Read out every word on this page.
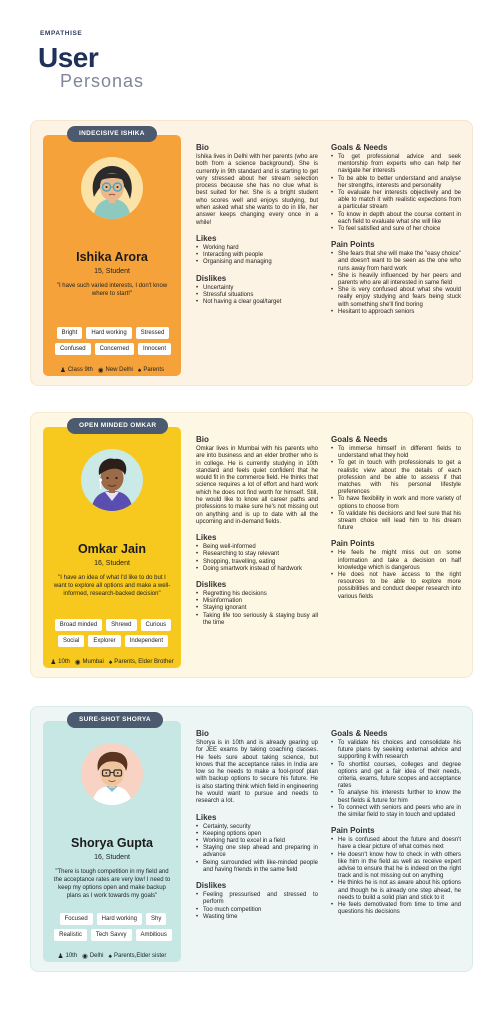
EMPATHISE
User
Personas
INDECISIVE ISHIKA
Ishika Arora
15, Student
"I have such varied interests, I don't know where to start!"
Bright	Hard working	Stressed
Confused	Concerned	Innocent
♟ Class 9th ◉ New Delhi ♠ Parents
Bio
Ishika lives in Delhi with her parents (who are both from a science background). She is currently in 9th standard and is starting to get very stressed about her stream selection process because she has no clue what is best suited for her. She is a bright student who scores well and enjoys studying, but when asked what she wants to do in life, her answer keeps changing every once in a while!
Likes
• Working hard
• Interacting with people
• Organising and managing
Dislikes
• Uncertainty
• Stressful situations
• Not having a clear goal/target
Goals & Needs
• To get professional advice and seek mentorship from experts who can help her navigate her interests
• To be able to better understand and analyse her strengths, interests and personality
• To evaluate her interests objectively and be able to match it with realistic expections from a particular stream
• To know in depth about the course content in each field to evaluate what she will like
• To feel satisfied and sure of her choice
Pain Points
• She fears that she will make the "easy choice" and doesn't want to be seen as the one who runs away from hard work
• She is heavily influenced by her peers and parents who are all interested in same field
• She is very confused about what she would really enjoy studying and fears being stuck with something she'll find boring
• Hesitant to approach seniors
OPEN MINDED OMKAR
Omkar Jain
16, Student
"I have an idea of what I'd like to do but I want to explore all options and make a well-informed, research-backed decision"
Broad minded	Shrewd	Curious
Social	Explorer	Independent
♟ 10th ◉ Mumbai ♠ Parents, Elder Brother
Bio
Omkar lives in Mumbai with his parents who are into business and an elder brother who is in college. He is currently studying in 10th standard and feels quiet confident that he would fit in the commerce field. He thinks that science requires a lot of effort and hard work which he does not find worth for himself. Still, he would like to know all career paths and professions to make sure he's not missing out on anything and is up to date with all the upcoming and in-demand fields.
Likes
• Being well-informed
• Researching to stay relevant
• Shopping, travelling, eating
• Doing smartwork instead of hardwork
Dislikes
• Regretting his decisions
• Misinformation
• Staying ignorant
• Taking life too seriously & staying busy all the time
Goals & Needs
• To immerse himself in different fields to understand what they hold
• To get in touch with professionals to get a realistic view about the details of each profession and be able to assess if that matches with his personal lifestyle preferences
• To have flexibility in work and more variety of options to choose from
• To validate his decisions and feel sure that his stream choice will lead him to his dream future
Pain Points
• He feels he might miss out on some information and take a decision on half knowledge which is dangerous
• He does not have access to the right resources to be able to explore more possibilities and conduct deeper research into various fields
SURE-SHOT SHORYA
Shorya Gupta
16, Student
"There is tough competition in my field and the acceptance rates are very low! I need to keep my options open and make backup plans as I work towards my goals"
Focused	Hard working	Shy
Realistic	Tech Savvy	Ambitious
♟ 10th ◉ Delhi ♠ Parents,Elder sister
Bio
Shorya is in 10th and is already gearing up for JEE exams by taking coaching classes. He feels sure about taking science, but knows that the acceptance rates in India are low so he needs to make a fool-proof plan with backup options to secure his future. He is also starting think which field in engineering he would want to pursue and needs to research a lot.
Likes
• Certainty, security
• Keeping options open
• Working hard to excel in a field
• Staying one step ahead and preparing in advance
• Being surrounded with like-minded people and having friends in the same field
Dislikes
• Feeling pressurised and stressed to perform
• Too much competition
• Wasting time
Goals & Needs
• To validate his choices and consolidate his future plans by seeking external advice and supporting it with research
• To shortlist courses, colleges and degree options and get a fair idea of their needs, criteria, exams, future scopes and acceptance rates
• To analyse his interests further to know the best fields & future for him
• To connect with seniors and peers who are in the similar field to stay in touch and updated
Pain Points
• He is confused about the future and doesn't have a clear picture of what comes next
• He doesn't know how to check in with others like him in the field as well as receive expert advise to ensure that he is indeed on the right track and is not missing out on anything
• He thinks he is not as aware about his options and though he is already one step ahead, he needs to build a solid plan and stick to it
• He feels demotivated from time to time and questions his decisions
